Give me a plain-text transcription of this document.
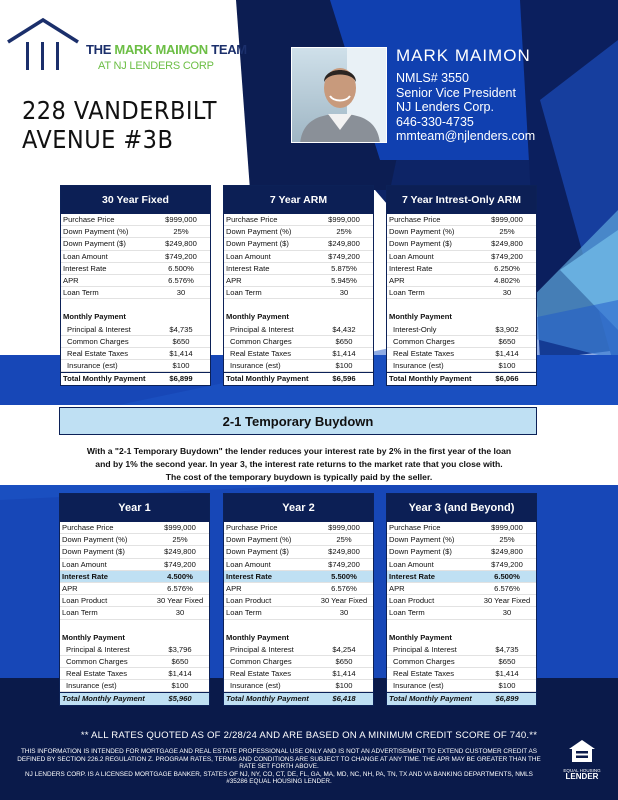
THE MARK MAIMON TEAM
AT NJ LENDERS CORP
228 VANDERBILT
AVENUE #3B
MARK MAIMON
NMLS# 3550
Senior Vice President
NJ Lenders Corp.
646-330-4735
mmteam@njlenders.com
30 Year Fixed
Purchase Price	$999,000
Down Payment (%)	25%
Down Payment ($)	$249,800
Loan Amount	$749,200
Interest Rate	6.500%
APR	6.576%
Loan Term	30
Monthly Payment
Principal & Interest	$4,735
Common Charges	$650
Real Estate Taxes	$1,414
Insurance (est)	$100
Total Monthly Payment	$6,899
7 Year ARM
Purchase Price	$999,000
Down Payment (%)	25%
Down Payment ($)	$249,800
Loan Amount	$749,200
Interest Rate	5.875%
APR	5.945%
Loan Term	30
Monthly Payment
Principal & Interest	$4,432
Common Charges	$650
Real Estate Taxes	$1,414
Insurance (est)	$100
Total Monthly Payment	$6,596
7 Year Intrest-Only ARM
Purchase Price	$999,000
Down Payment (%)	25%
Down Payment ($)	$249,800
Loan Amount	$749,200
Interest Rate	6.250%
APR	4.802%
Loan Term	30
Monthly Payment
Interest-Only	$3,902
Common Charges	$650
Real Estate Taxes	$1,414
Insurance (est)	$100
Total Monthly Payment	$6,066
2-1 Temporary Buydown
With a "2-1 Temporary Buydown" the lender reduces your interest rate by 2% in the first year of the loan
and by 1% the second year. In year 3, the interest rate returns to the market rate that you close with.
The cost of the temporary buydown is typically paid by the seller.
Year 1
Purchase Price	$999,000
Down Payment (%)	25%
Down Payment ($)	$249,800
Loan Amount	$749,200
Interest Rate	4.500%
APR	6.576%
Loan Product	30 Year Fixed
Loan Term	30
Monthly Payment
Principal & Interest	$3,796
Common Charges	$650
Real Estate Taxes	$1,414
Insurance (est)	$100
Total Monthly Payment	$5,960
Year 2
Purchase Price	$999,000
Down Payment (%)	25%
Down Payment ($)	$249,800
Loan Amount	$749,200
Interest Rate	5.500%
APR	6.576%
Loan Product	30 Year Fixed
Loan Term	30
Monthly Payment
Principal & Interest	$4,254
Common Charges	$650
Real Estate Taxes	$1,414
Insurance (est)	$100
Total Monthly Payment	$6,418
Year 3 (and Beyond)
Purchase Price	$999,000
Down Payment (%)	25%
Down Payment ($)	$249,800
Loan Amount	$749,200
Interest Rate	6.500%
APR	6.576%
Loan Product	30 Year Fixed
Loan Term	30
Monthly Payment
Principal & Interest	$4,735
Common Charges	$650
Real Estate Taxes	$1,414
Insurance (est)	$100
Total Monthly Payment	$6,899
** ALL RATES QUOTED AS OF 2/28/24 AND ARE BASED ON A MINIMUM CREDIT SCORE OF 740.**
THIS INFORMATION IS INTENDED FOR MORTGAGE AND REAL ESTATE PROFESSIONAL USE ONLY AND IS NOT AN ADVERTISEMENT TO EXTEND CUSTOMER CREDIT AS DEFINED BY SECTION 226.2 REGULATION Z. PROGRAM RATES, TERMS AND CONDITIONS ARE SUBJECT TO CHANGE AT ANY TIME. THE APR MAY BE GREATER THAN THE RATE SET FORTH ABOVE.
NJ LENDERS CORP. IS A LICENSED MORTGAGE BANKER, STATES OF NJ, NY, CO, CT, DE, FL, GA, MA, MD, NC, NH, PA, TN, TX AND VA BANKING DEPARTMENTS, NMLS #35286 EQUAL HOUSING LENDER.
EQUAL HOUSING
LENDER
